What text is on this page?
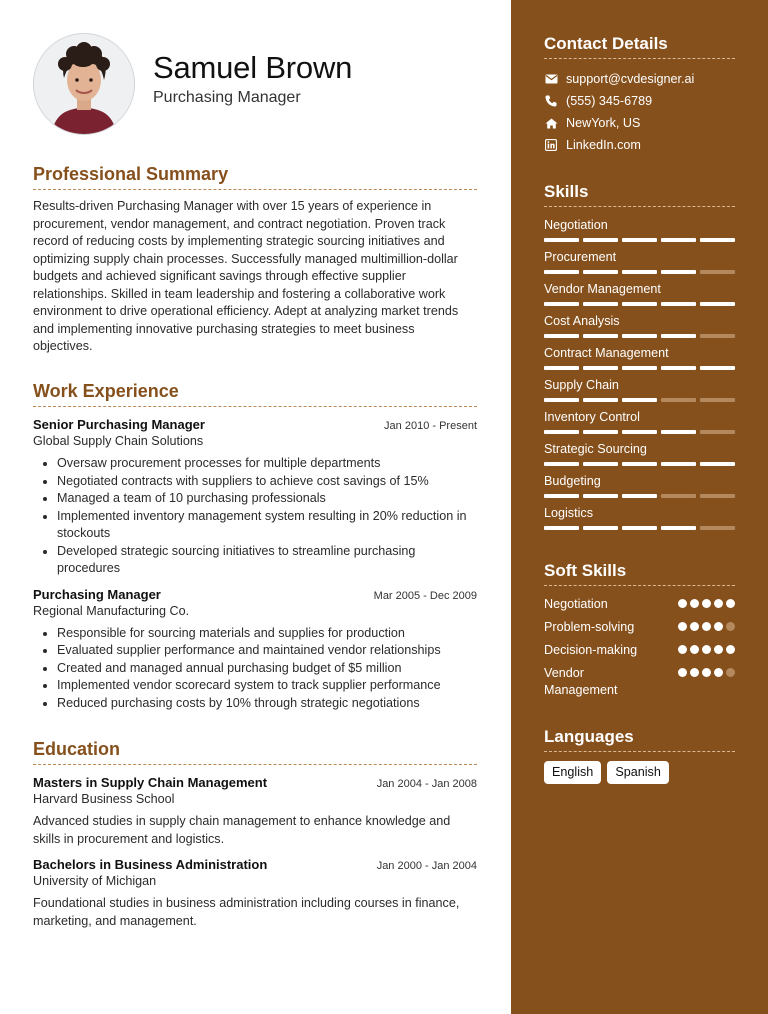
Samuel Brown
Purchasing Manager
Professional Summary

Results-driven Purchasing Manager with over 15 years of experience in procurement, vendor management, and contract negotiation. Proven track record of reducing costs by implementing strategic sourcing initiatives and optimizing supply chain processes. Successfully managed multimillion-dollar budgets and achieved significant savings through effective supplier relationships. Skilled in team leadership and fostering a collaborative work environment to drive operational efficiency. Adept at analyzing market trends and implementing innovative purchasing strategies to meet business objectives.

Work Experience
Senior Purchasing Manager	Jan 2010 - Present
Global Supply Chain Solutions
• Oversaw procurement processes for multiple departments
• Negotiated contracts with suppliers to achieve cost savings of 15%
• Managed a team of 10 purchasing professionals
• Implemented inventory management system resulting in 20% reduction in stockouts
• Developed strategic sourcing initiatives to streamline purchasing procedures
Purchasing Manager	Mar 2005 - Dec 2009
Regional Manufacturing Co.
• Responsible for sourcing materials and supplies for production
• Evaluated supplier performance and maintained vendor relationships
• Created and managed annual purchasing budget of $5 million
• Implemented vendor scorecard system to track supplier performance
• Reduced purchasing costs by 10% through strategic negotiations
Education
Masters in Supply Chain Management	Jan 2004 - Jan 2008
Harvard Business School
Advanced studies in supply chain management to enhance knowledge and skills in procurement and logistics.
Bachelors in Business Administration	Jan 2000 - Jan 2004
University of Michigan
Foundational studies in business administration including courses in finance, marketing, and management.
Contact Details
support@cvdesigner.ai
(555) 345-6789
NewYork, US
LinkedIn.com
Skills
Negotiation
Procurement
Vendor Management
Cost Analysis
Contract Management
Supply Chain
Inventory Control
Strategic Sourcing
Budgeting
Logistics
Soft Skills
Negotiation
Problem-solving
Decision-making
Vendor Management
Languages
English	Spanish
